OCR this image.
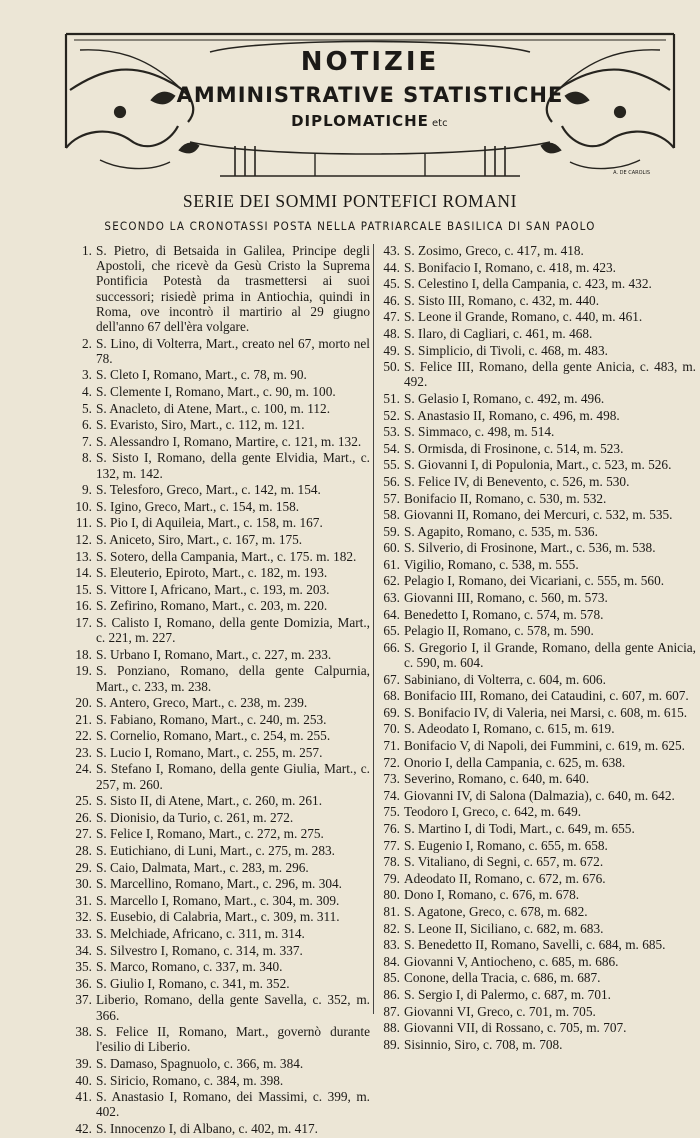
NOTIZIE
AMMINISTRATIVE STATISTICHE
DIPLOMATICHE etc
A. DE CAROLIS
SERIE DEI SOMMI PONTEFICI ROMANI
SECONDO LA CRONOTASSI POSTA NELLA PATRIARCALE BASILICA DI SAN PAOLO
1. S. Pietro, di Betsaida in Galilea, Principe degli Apostoli, che ricevè da Gesù Cristo la Suprema Pontificia Potestà da trasmettersi ai suoi successori; risiedè prima in Antiochia, quindi in Roma, ove incontrò il martirio al 29 giugno dell'anno 67 dell'èra volgare.
2. S. Lino, di Volterra, Mart., creato nel 67, morto nel 78.
3. S. Cleto I, Romano, Mart., c. 78, m. 90.
4. S. Clemente I, Romano, Mart., c. 90, m. 100.
5. S. Anacleto, di Atene, Mart., c. 100, m. 112.
6. S. Evaristo, Siro, Mart., c. 112, m. 121.
7. S. Alessandro I, Romano, Martire, c. 121, m. 132.
8. S. Sisto I, Romano, della gente Elvidia, Mart., c. 132, m. 142.
9. S. Telesforo, Greco, Mart., c. 142, m. 154.
10. S. Igino, Greco, Mart., c. 154, m. 158.
11. S. Pio I, di Aquileia, Mart., c. 158, m. 167.
12. S. Aniceto, Siro, Mart., c. 167, m. 175.
13. S. Sotero, della Campania, Mart., c. 175. m. 182.
14. S. Eleuterio, Epiroto, Mart., c. 182, m. 193.
15. S. Vittore I, Africano, Mart., c. 193, m. 203.
16. S. Zefirino, Romano, Mart., c. 203, m. 220.
17. S. Calisto I, Romano, della gente Domizia, Mart., c. 221, m. 227.
18. S. Urbano I, Romano, Mart., c. 227, m. 233.
19. S. Ponziano, Romano, della gente Calpurnia, Mart., c. 233, m. 238.
20. S. Antero, Greco, Mart., c. 238, m. 239.
21. S. Fabiano, Romano, Mart., c. 240, m. 253.
22. S. Cornelio, Romano, Mart., c. 254, m. 255.
23. S. Lucio I, Romano, Mart., c. 255, m. 257.
24. S. Stefano I, Romano, della gente Giulia, Mart., c. 257, m. 260.
25. S. Sisto II, di Atene, Mart., c. 260, m. 261.
26. S. Dionisio, da Turio, c. 261, m. 272.
27. S. Felice I, Romano, Mart., c. 272, m. 275.
28. S. Eutichiano, di Luni, Mart., c. 275, m. 283.
29. S. Caio, Dalmata, Mart., c. 283, m. 296.
30. S. Marcellino, Romano, Mart., c. 296, m. 304.
31. S. Marcello I, Romano, Mart., c. 304, m. 309.
32. S. Eusebio, di Calabria, Mart., c. 309, m. 311.
33. S. Melchiade, Africano, c. 311, m. 314.
34. S. Silvestro I, Romano, c. 314, m. 337.
35. S. Marco, Romano, c. 337, m. 340.
36. S. Giulio I, Romano, c. 341, m. 352.
37. Liberio, Romano, della gente Savella, c. 352, m. 366.
38. S. Felice II, Romano, Mart., governò durante l'esilio di Liberio.
39. S. Damaso, Spagnuolo, c. 366, m. 384.
40. S. Siricio, Romano, c. 384, m. 398.
41. S. Anastasio I, Romano, dei Massimi, c. 399, m. 402.
42. S. Innocenzo I, di Albano, c. 402, m. 417.
43. S. Zosimo, Greco, c. 417, m. 418.
44. S. Bonifacio I, Romano, c. 418, m. 423.
45. S. Celestino I, della Campania, c. 423, m. 432.
46. S. Sisto III, Romano, c. 432, m. 440.
47. S. Leone il Grande, Romano, c. 440, m. 461.
48. S. Ilaro, di Cagliari, c. 461, m. 468.
49. S. Simplicio, di Tivoli, c. 468, m. 483.
50. S. Felice III, Romano, della gente Anicia, c. 483, m. 492.
51. S. Gelasio I, Romano, c. 492, m. 496.
52. S. Anastasio II, Romano, c. 496, m. 498.
53. S. Simmaco, c. 498, m. 514.
54. S. Ormisda, di Frosinone, c. 514, m. 523.
55. S. Giovanni I, di Populonia, Mart., c. 523, m. 526.
56. S. Felice IV, di Benevento, c. 526, m. 530.
57. Bonifacio II, Romano, c. 530, m. 532.
58. Giovanni II, Romano, dei Mercuri, c. 532, m. 535.
59. S. Agapito, Romano, c. 535, m. 536.
60. S. Silverio, di Frosinone, Mart., c. 536, m. 538.
61. Vigilio, Romano, c. 538, m. 555.
62. Pelagio I, Romano, dei Vicariani, c. 555, m. 560.
63. Giovanni III, Romano, c. 560, m. 573.
64. Benedetto I, Romano, c. 574, m. 578.
65. Pelagio II, Romano, c. 578, m. 590.
66. S. Gregorio I, il Grande, Romano, della gente Anicia, c. 590, m. 604.
67. Sabiniano, di Volterra, c. 604, m. 606.
68. Bonifacio III, Romano, dei Cataudini, c. 607, m. 607.
69. S. Bonifacio IV, di Valeria, nei Marsi, c. 608, m. 615.
70. S. Adeodato I, Romano, c. 615, m. 619.
71. Bonifacio V, di Napoli, dei Fummini, c. 619, m. 625.
72. Onorio I, della Campania, c. 625, m. 638.
73. Severino, Romano, c. 640, m. 640.
74. Giovanni IV, di Salona (Dalmazia), c. 640, m. 642.
75. Teodoro I, Greco, c. 642, m. 649.
76. S. Martino I, di Todi, Mart., c. 649, m. 655.
77. S. Eugenio I, Romano, c. 655, m. 658.
78. S. Vitaliano, di Segni, c. 657, m. 672.
79. Adeodato II, Romano, c. 672, m. 676.
80. Dono I, Romano, c. 676, m. 678.
81. S. Agatone, Greco, c. 678, m. 682.
82. S. Leone II, Siciliano, c. 682, m. 683.
83. S. Benedetto II, Romano, Savelli, c. 684, m. 685.
84. Giovanni V, Antiocheno, c. 685, m. 686.
85. Conone, della Tracia, c. 686, m. 687.
86. S. Sergio I, di Palermo, c. 687, m. 701.
87. Giovanni VI, Greco, c. 701, m. 705.
88. Giovanni VII, di Rossano, c. 705, m. 707.
89. Sisinnio, Siro, c. 708, m. 708.
